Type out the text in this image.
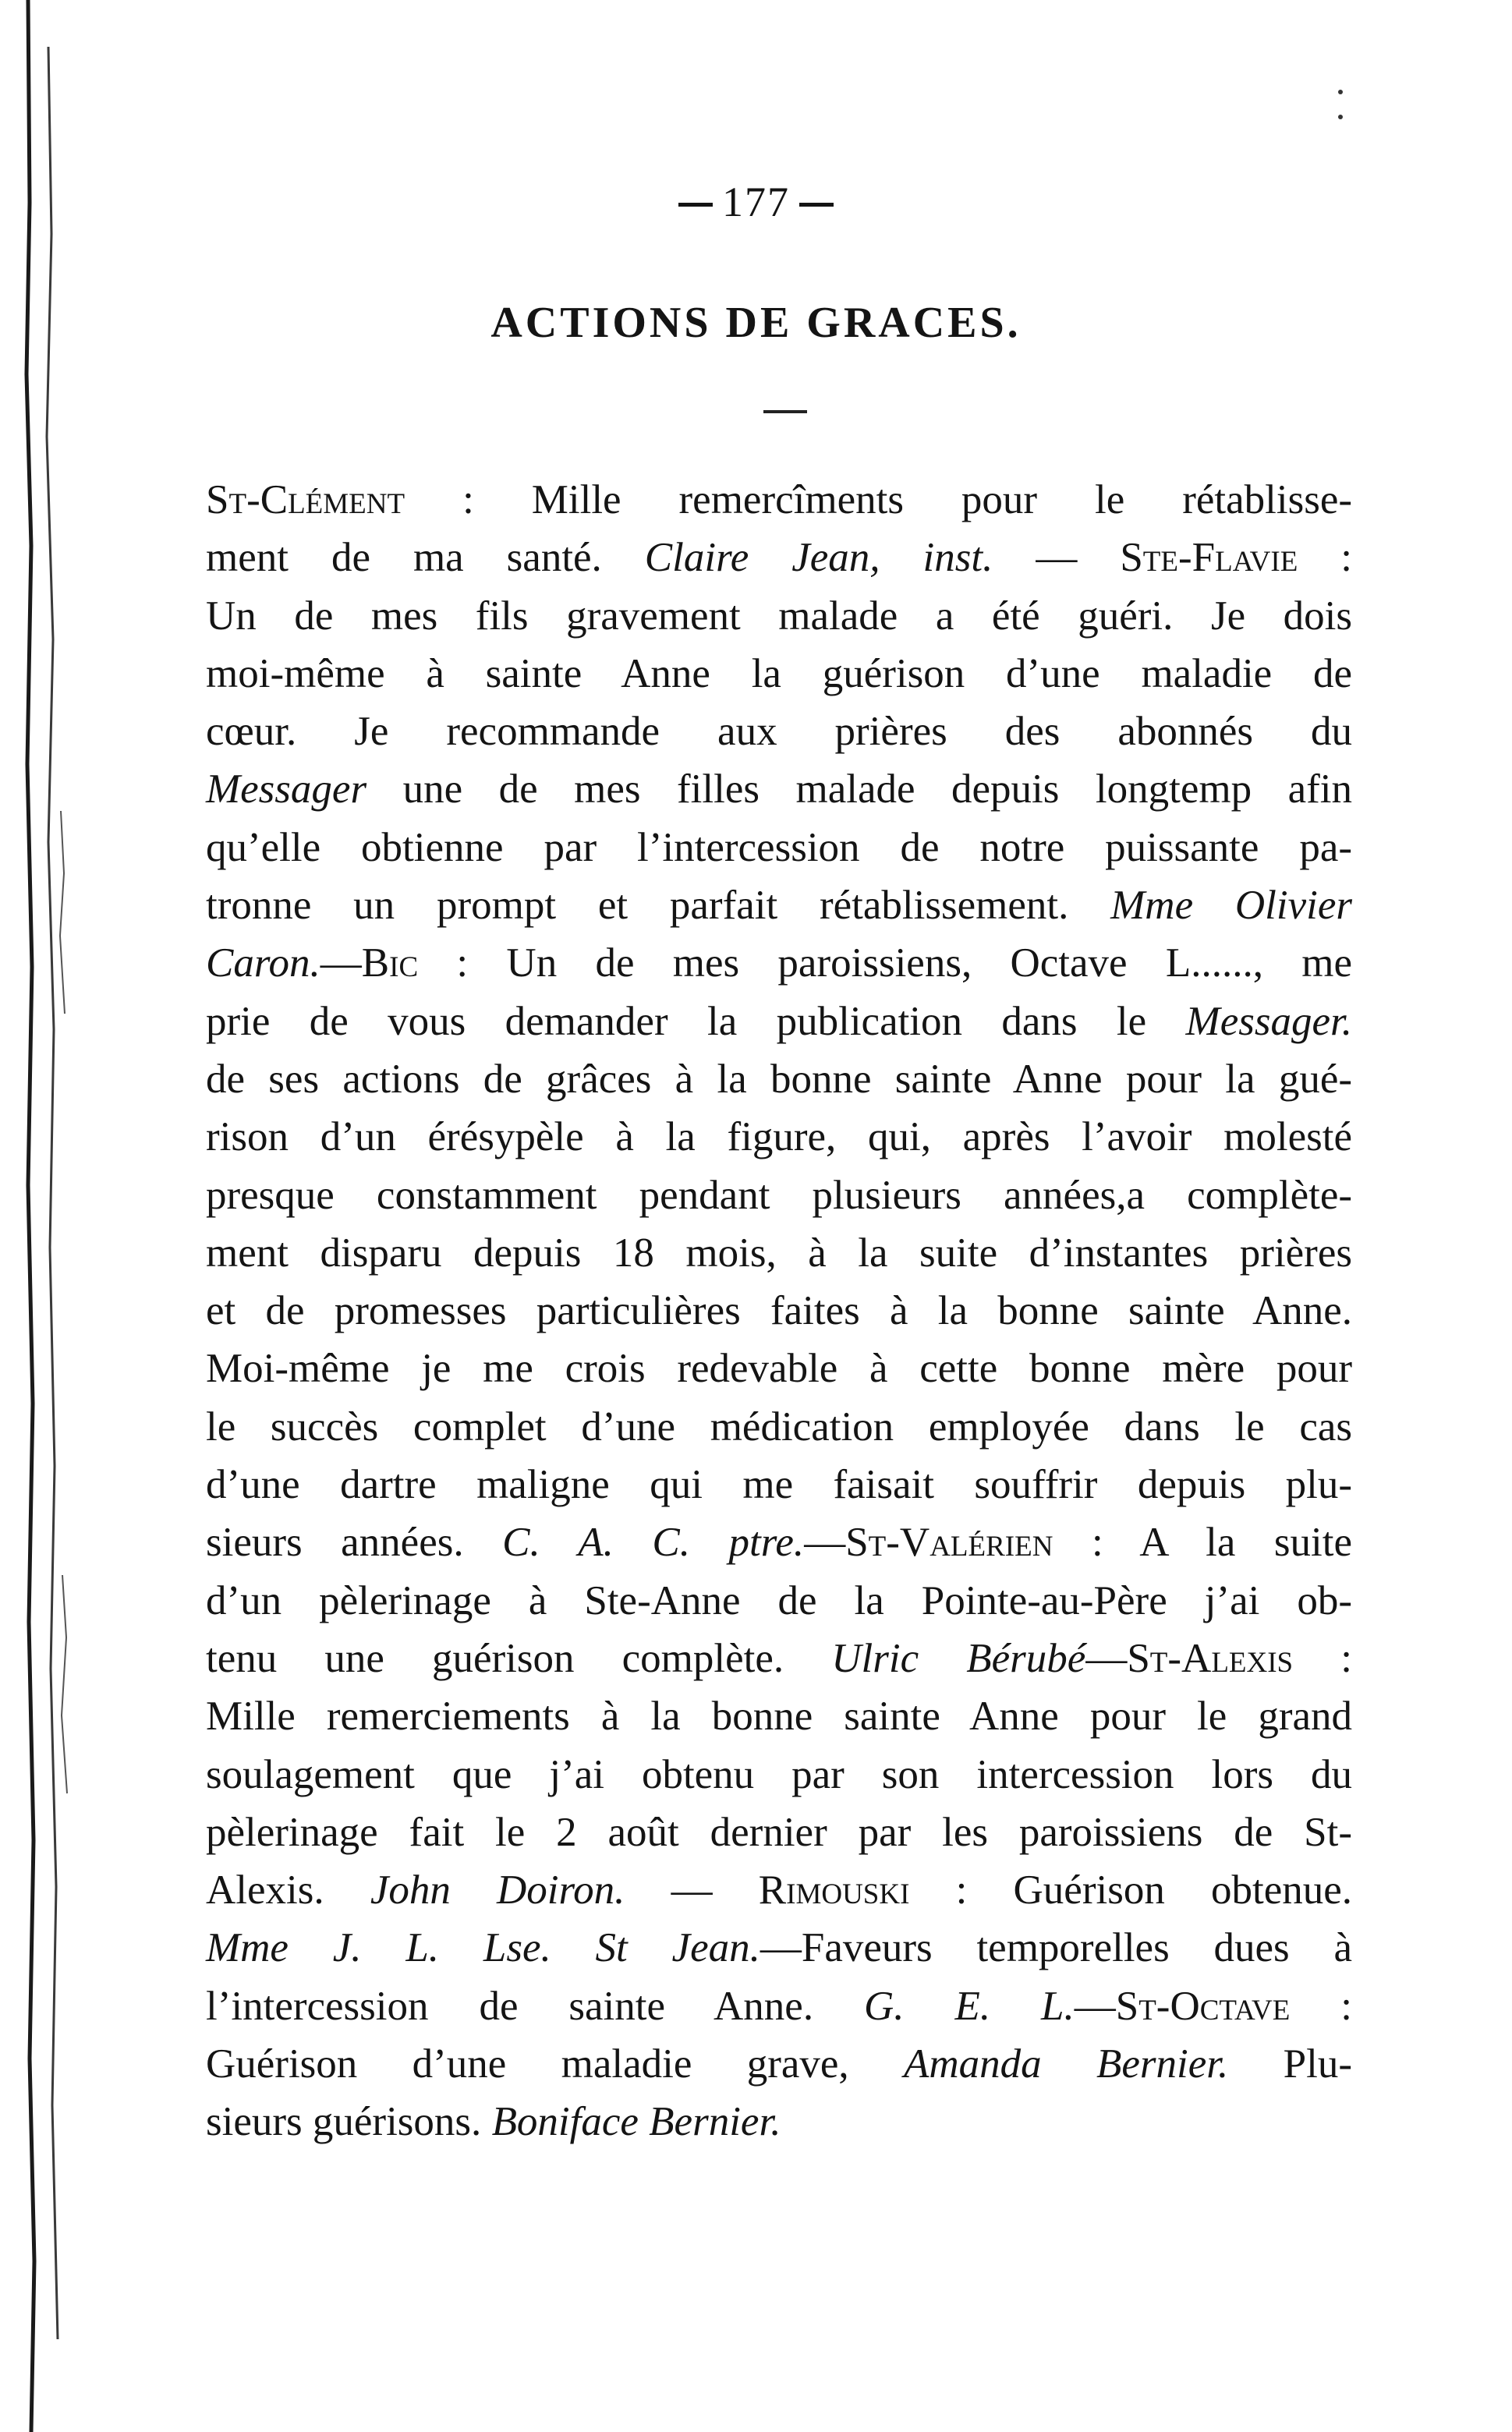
177
ACTIONS DE GRACES.
St-Clément : Mille remercîments pour le rétablisse-
ment de ma santé. Claire Jean, inst. — Ste-Flavie :
Un de mes fils gravement malade a été guéri. Je dois
moi-même à sainte Anne la guérison d’une maladie de
cœur. Je recommande aux prières des abonnés du
Messager une de mes filles malade depuis longtemp afin
qu’elle obtienne par l’intercession de notre puissante pa-
tronne un prompt et parfait rétablissement. Mme Olivier
Caron.—Bic : Un de mes paroissiens, Octave L......, me
prie de vous demander la publication dans le Messager.
de ses actions de grâces à la bonne sainte Anne pour la gué-
rison d’un érésypèle à la figure, qui, après l’avoir molesté
presque constamment pendant plusieurs années,a complète-
ment disparu depuis 18 mois, à la suite d’instantes prières
et de promesses particulières faites à la bonne sainte Anne.
Moi-même je me crois redevable à cette bonne mère pour
le succès complet d’une médication employée dans le cas
d’une dartre maligne qui me faisait souffrir depuis plu-
sieurs années. C. A. C. ptre.—St-Valérien : A la suite
d’un pèlerinage à Ste-Anne de la Pointe-au-Père j’ai ob-
tenu une guérison complète. Ulric Bérubé—St-Alexis :
Mille remerciements à la bonne sainte Anne pour le grand
soulagement que j’ai obtenu par son intercession lors du
pèlerinage fait le 2 août dernier par les paroissiens de St-
Alexis. John Doiron. — Rimouski : Guérison obtenue.
Mme J. L. Lse. St Jean.—Faveurs temporelles dues à
l’intercession de sainte Anne. G. E. L.—St-Octave :
Guérison d’une maladie grave, Amanda Bernier. Plu-
sieurs guérisons. Boniface Bernier.
